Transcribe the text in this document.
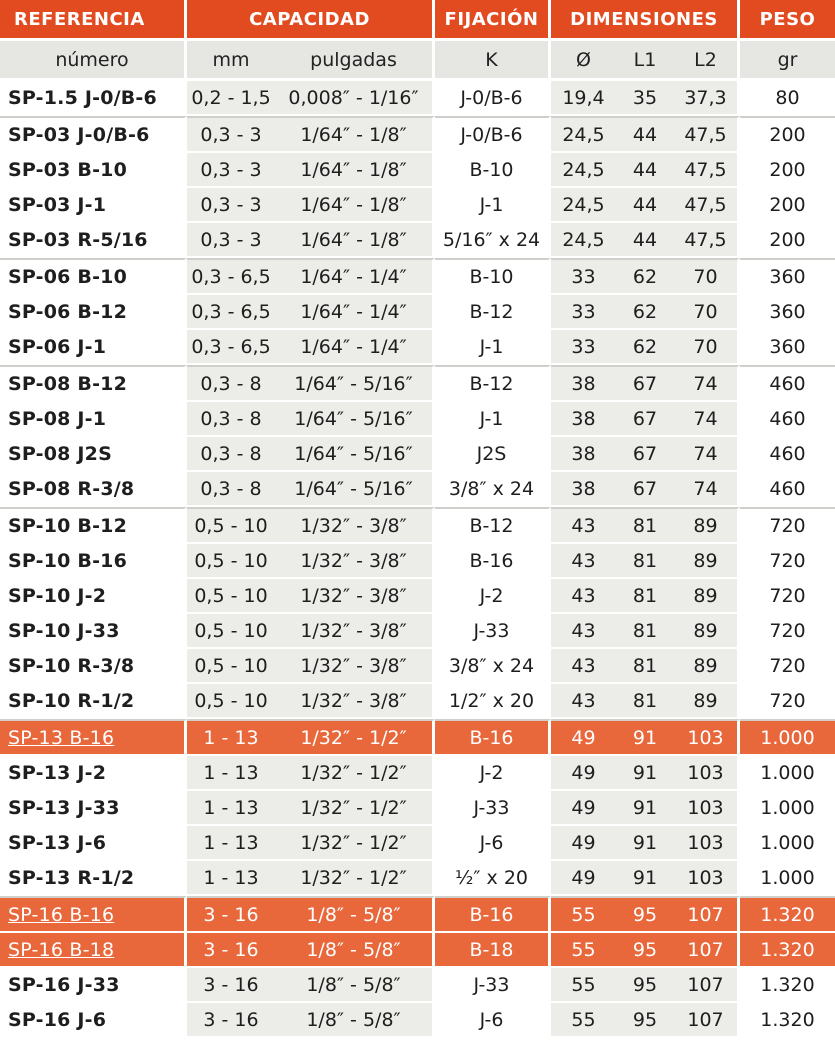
REFERENCIA	CAPACIDAD		FIJACIÓN	DIMENSIONES			PESO
número	mm	pulgadas	K	Ø	L1	L2	gr
SP-1.5 J-0/B-6	0,2 - 1,5	0,008″ - 1/16″	J-0/B-6	19,4	35	37,3	80
SP-03 J-0/B-6	0,3 - 3	1/64″ - 1/8″	J-0/B-6	24,5	44	47,5	200
SP-03 B-10	0,3 - 3	1/64″ - 1/8″	B-10	24,5	44	47,5	200
SP-03 J-1	0,3 - 3	1/64″ - 1/8″	J-1	24,5	44	47,5	200
SP-03 R-5/16	0,3 - 3	1/64″ - 1/8″	5/16″ x 24	24,5	44	47,5	200
SP-06 B-10	0,3 - 6,5	1/64″ - 1/4″	B-10	33	62	70	360
SP-06 B-12	0,3 - 6,5	1/64″ - 1/4″	B-12	33	62	70	360
SP-06 J-1	0,3 - 6,5	1/64″ - 1/4″	J-1	33	62	70	360
SP-08 B-12	0,3 - 8	1/64″ - 5/16″	B-12	38	67	74	460
SP-08 J-1	0,3 - 8	1/64″ - 5/16″	J-1	38	67	74	460
SP-08 J2S	0,3 - 8	1/64″ - 5/16″	J2S	38	67	74	460
SP-08 R-3/8	0,3 - 8	1/64″ - 5/16″	3/8″ x 24	38	67	74	460
SP-10 B-12	0,5 - 10	1/32″ - 3/8″	B-12	43	81	89	720
SP-10 B-16	0,5 - 10	1/32″ - 3/8″	B-16	43	81	89	720
SP-10 J-2	0,5 - 10	1/32″ - 3/8″	J-2	43	81	89	720
SP-10 J-33	0,5 - 10	1/32″ - 3/8″	J-33	43	81	89	720
SP-10 R-3/8	0,5 - 10	1/32″ - 3/8″	3/8″ x 24	43	81	89	720
SP-10 R-1/2	0,5 - 10	1/32″ - 3/8″	1/2″ x 20	43	81	89	720
SP-13 B-16	1 - 13	1/32″ - 1/2″	B-16	49	91	103	1.000
SP-13 J-2	1 - 13	1/32″ - 1/2″	J-2	49	91	103	1.000
SP-13 J-33	1 - 13	1/32″ - 1/2″	J-33	49	91	103	1.000
SP-13 J-6	1 - 13	1/32″ - 1/2″	J-6	49	91	103	1.000
SP-13 R-1/2	1 - 13	1/32″ - 1/2″	½″ x 20	49	91	103	1.000
SP-16 B-16	3 - 16	1/8″ - 5/8″	B-16	55	95	107	1.320
SP-16 B-18	3 - 16	1/8″ - 5/8″	B-18	55	95	107	1.320
SP-16 J-33	3 - 16	1/8″ - 5/8″	J-33	55	95	107	1.320
SP-16 J-6	3 - 16	1/8″ - 5/8″	J-6	55	95	107	1.320
